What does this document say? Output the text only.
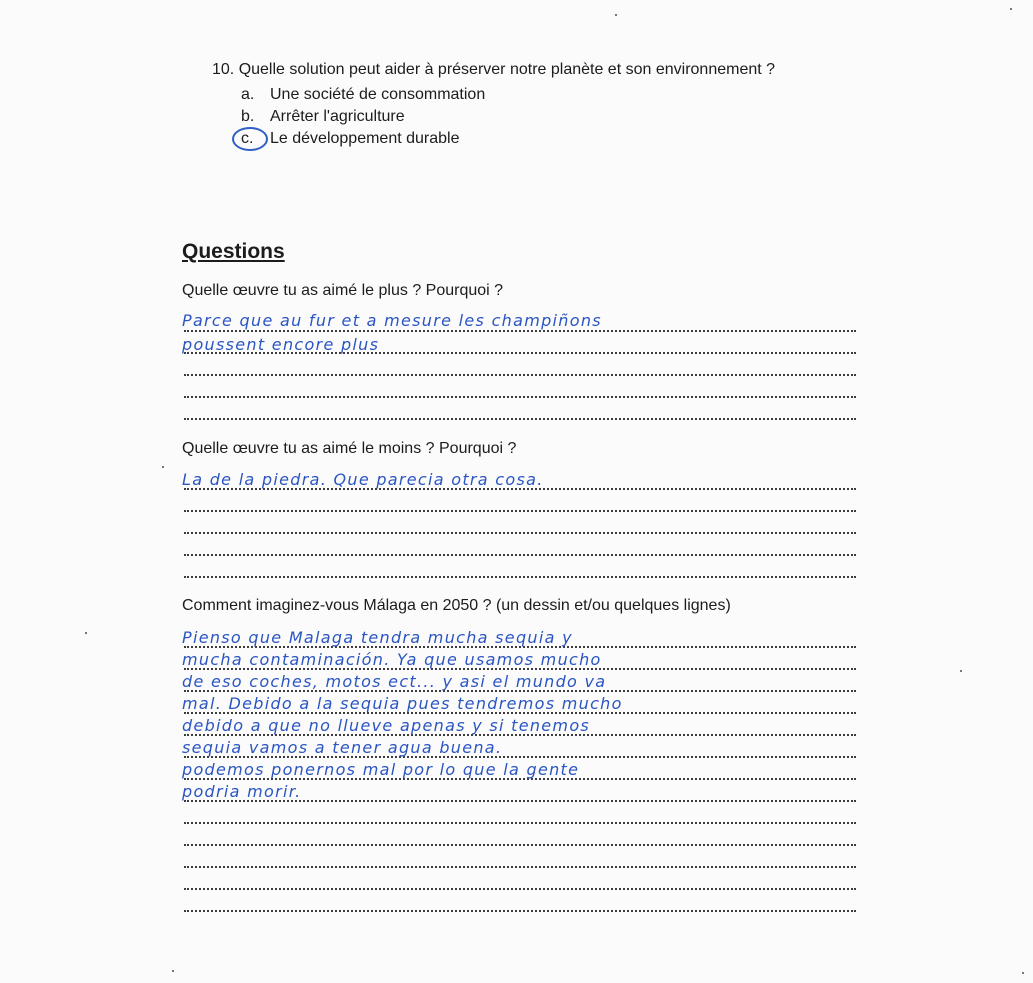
10. Quelle solution peut aider à préserver notre planète et son environnement ?

a. Une société de consommation
b. Arrêter l'agriculture
c. Le développement durable
Questions

Quelle œuvre tu as aimé le plus ? Pourquoi ?

Parce que au fur et a mesure les champiñons
poussent encore plus

Quelle œuvre tu as aimé le moins ? Pourquoi ?

La de la piedra. Que parecia otra cosa.

Comment imaginez-vous Málaga en 2050 ? (un dessin et/ou quelques lignes)

Pienso que Malaga tendra mucha sequia y
mucha contaminación. Ya que usamos mucho
de eso coches, motos ect... y asi el mundo va
mal. Debido a la sequia pues tendremos mucho
debido a que no llueve apenas y si tenemos
sequia vamos a tener agua buena.
podemos ponernos mal por lo que la gente
podria morir.
